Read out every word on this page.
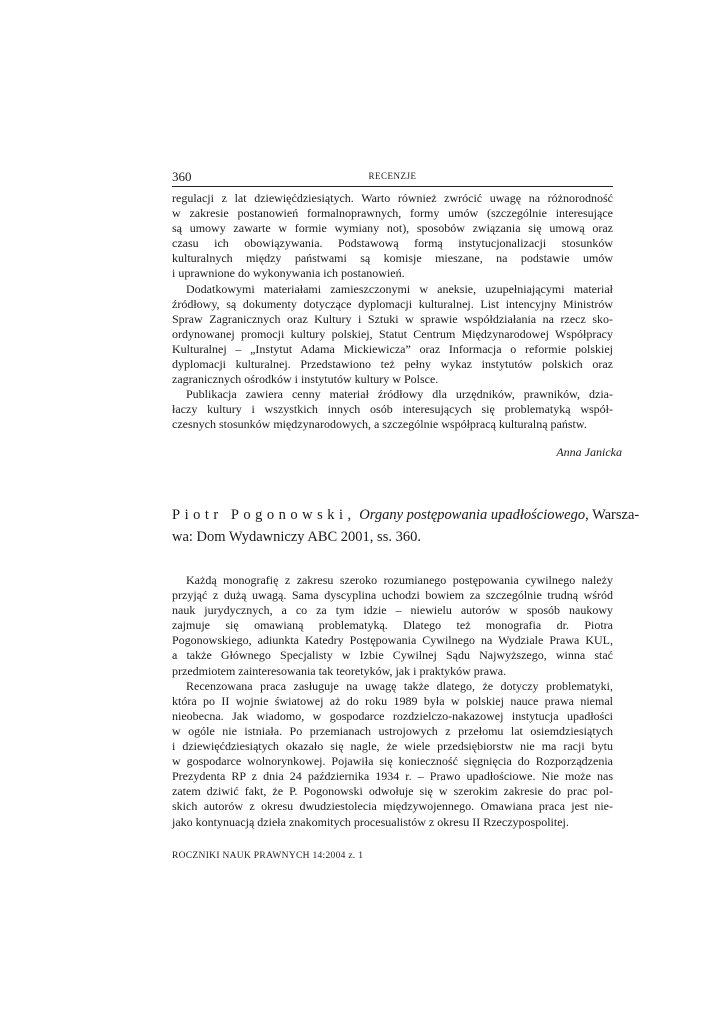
360	RECENZJE
regulacji z lat dziewięćdziesiątych. Warto również zwrócić uwagę na różnorodność
w zakresie postanowień formalnoprawnych, formy umów (szczególnie interesujące
są umowy zawarte w formie wymiany not), sposobów związania się umową oraz
czasu ich obowiązywania. Podstawową formą instytucjonalizacji stosunków
kulturalnych między państwami są komisje mieszane, na podstawie umów
i uprawnione do wykonywania ich postanowień.
Dodatkowymi materiałami zamieszczonymi w aneksie, uzupełniającymi materiał
źródłowy, są dokumenty dotyczące dyplomacji kulturalnej. List intencyjny Ministrów
Spraw Zagranicznych oraz Kultury i Sztuki w sprawie współdziałania na rzecz sko-
ordynowanej promocji kultury polskiej, Statut Centrum Międzynarodowej Współpracy
Kulturalnej – „Instytut Adama Mickiewicza” oraz Informacja o reformie polskiej
dyplomacji kulturalnej. Przedstawiono też pełny wykaz instytutów polskich oraz
zagranicznych ośrodków i instytutów kultury w Polsce.
Publikacja zawiera cenny materiał źródłowy dla urzędników, prawników, dzia-
łaczy kultury i wszystkich innych osób interesujących się problematyką współ-
czesnych stosunków międzynarodowych, a szczególnie współpracą kulturalną państw.
Anna Janicka
Piotr Pogonowski, Organy postępowania upadłościowego, Warsza-
wa: Dom Wydawniczy ABC 2001, ss. 360.
Każdą monografię z zakresu szeroko rozumianego postępowania cywilnego należy
przyjąć z dużą uwagą. Sama dyscyplina uchodzi bowiem za szczególnie trudną wśród
nauk jurydycznych, a co za tym idzie – niewielu autorów w sposób naukowy
zajmuje się omawianą problematyką. Dlatego też monografia dr. Piotra
Pogonowskiego, adiunkta Katedry Postępowania Cywilnego na Wydziale Prawa KUL,
a także Głównego Specjalisty w Izbie Cywilnej Sądu Najwyższego, winna stać
przedmiotem zainteresowania tak teoretyków, jak i praktyków prawa.
Recenzowana praca zasługuje na uwagę także dlatego, że dotyczy problematyki,
która po II wojnie światowej aż do roku 1989 była w polskiej nauce prawa niemal
nieobecna. Jak wiadomo, w gospodarce rozdzielczo-nakazowej instytucja upadłości
w ogóle nie istniała. Po przemianach ustrojowych z przełomu lat osiemdziesiątych
i dziewięćdziesiątych okazało się nagle, że wiele przedsiębiorstw nie ma racji bytu
w gospodarce wolnorynkowej. Pojawiła się konieczność sięgnięcia do Rozporządzenia
Prezydenta RP z dnia 24 października 1934 r. – Prawo upadłościowe. Nie może nas
zatem dziwić fakt, że P. Pogonowski odwołuje się w szerokim zakresie do prac pol-
skich autorów z okresu dwudziestolecia międzywojennego. Omawiana praca jest nie-
jako kontynuacją dzieła znakomitych procesualistów z okresu II Rzeczypospolitej.
ROCZNIKI NAUK PRAWNYCH 14:2004 z. 1
